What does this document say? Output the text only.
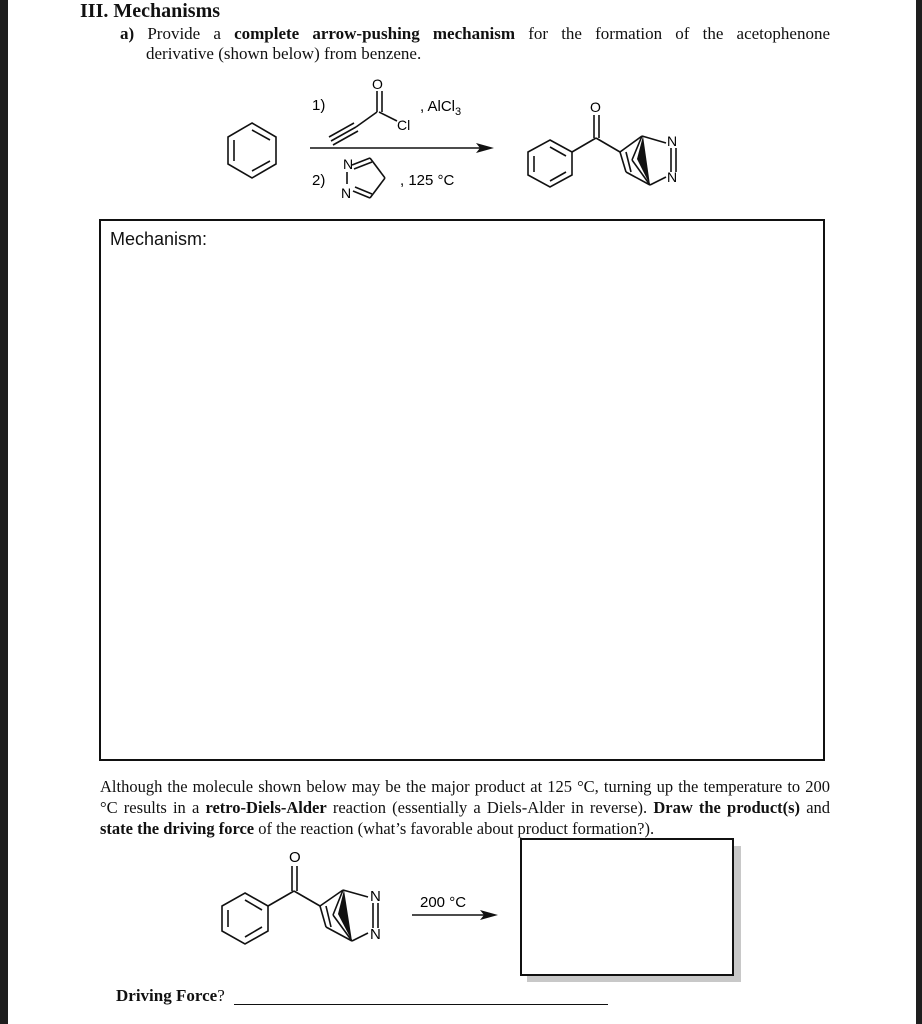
III. Mechanisms
a) Provide a complete arrow-pushing mechanism for the formation of the acetophenone
derivative (shown below) from benzene.
1)
O
Cl
, AlCl$_3$
2)
N
N
, 125 °C
O
N
N
Mechanism:
Although the molecule shown below may be the major product at 125 °C, turning up the temperature to 200 °C results in a retro-Diels-Alder reaction (essentially a Diels-Alder in reverse). Draw the product(s) and state the driving force of the reaction (what’s favorable about product formation?).
O
N
N
200 °C
Driving Force?
